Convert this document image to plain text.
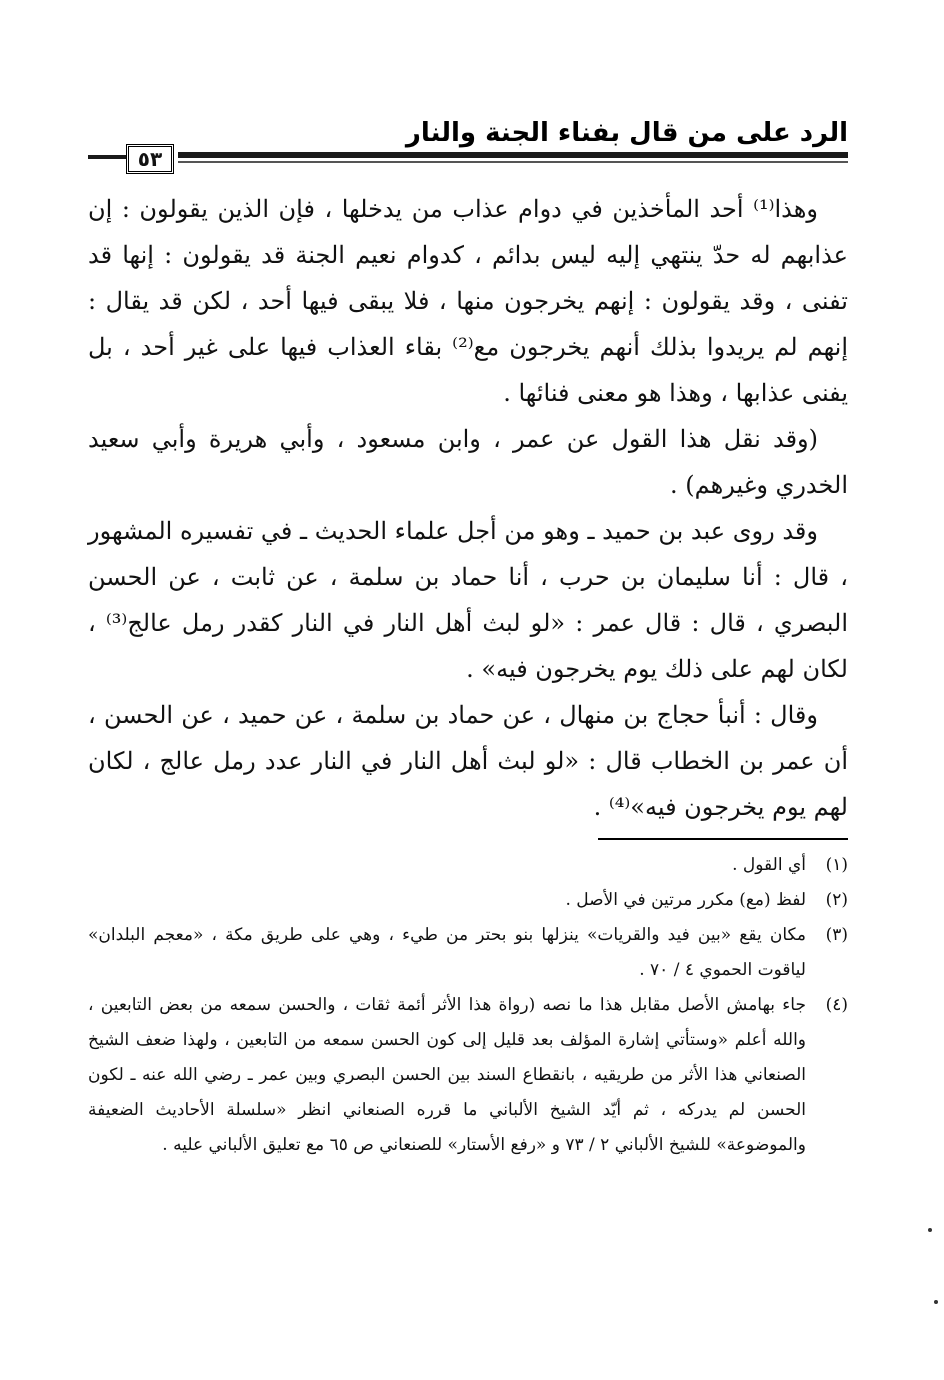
الرد على من قال بفناء الجنة والنار
٥٣

وهذا⁽¹⁾ أحد المأخذين في دوام عذاب من يدخلها ، فإن الذين يقولون : إن عذابهم له حدّ ينتهي إليه ليس بدائم ، كدوام نعيم الجنة قد يقولون : إنها قد تفنى ، وقد يقولون : إنهم يخرجون منها ، فلا يبقى فيها أحد ، لكن قد يقال : إنهم لم يريدوا بذلك أنهم يخرجون مع⁽²⁾ بقاء العذاب فيها على غير أحد ، بل يفنى عذابها ، وهذا هو معنى فنائها .

(وقد نقل هذا القول عن عمر ، وابن مسعود ، وأبي هريرة وأبي سعيد الخدري وغيرهم) .

وقد روى عبد بن حميد ـ وهو من أجل علماء الحديث ـ في تفسيره المشهور ، قال : أنا سليمان بن حرب ، أنا حماد بن سلمة ، عن ثابت ، عن الحسن البصري ، قال : قال عمر : «لو لبث أهل النار في النار كقدر رمل عالج⁽³⁾ ، لكان لهم على ذلك يوم يخرجون فيه» .

وقال : أنبأ حجاج بن منهال ، عن حماد بن سلمة ، عن حميد ، عن الحسن ، أن عمر بن الخطاب قال : «لو لبث أهل النار في النار عدد رمل عالج ، لكان لهم يوم يخرجون فيه»⁽⁴⁾ .

(١)
أي القول .
(٢)
لفظ (مع) مكرر مرتين في الأصل .
(٣)
مكان يقع «بين فيد والقريات» ينزلها بنو بحتر من طيء ، وهي على طريق مكة ، «معجم البلدان» لياقوت الحموي ٤ / ٧٠ .
(٤)
جاء بهامش الأصل مقابل هذا ما نصه (رواة هذا الأثر أئمة ثقات ، والحسن سمعه من بعض التابعين ، والله أعلم «وستأتي إشارة المؤلف بعد قليل إلى كون الحسن سمعه من التابعين ، ولهذا ضعف الشيخ الصنعاني هذا الأثر من طريقيه ، بانقطاع السند بين الحسن البصري وبين عمر ـ رضي الله عنه ـ لكون الحسن لم يدركه ، ثم أيّد الشيخ الألباني ما قرره الصنعاني انظر «سلسلة الأحاديث الضعيفة والموضوعة» للشيخ الألباني ٢ / ٧٣ و «رفع الأستار» للصنعاني ص ٦٥ مع تعليق الألباني عليه .
